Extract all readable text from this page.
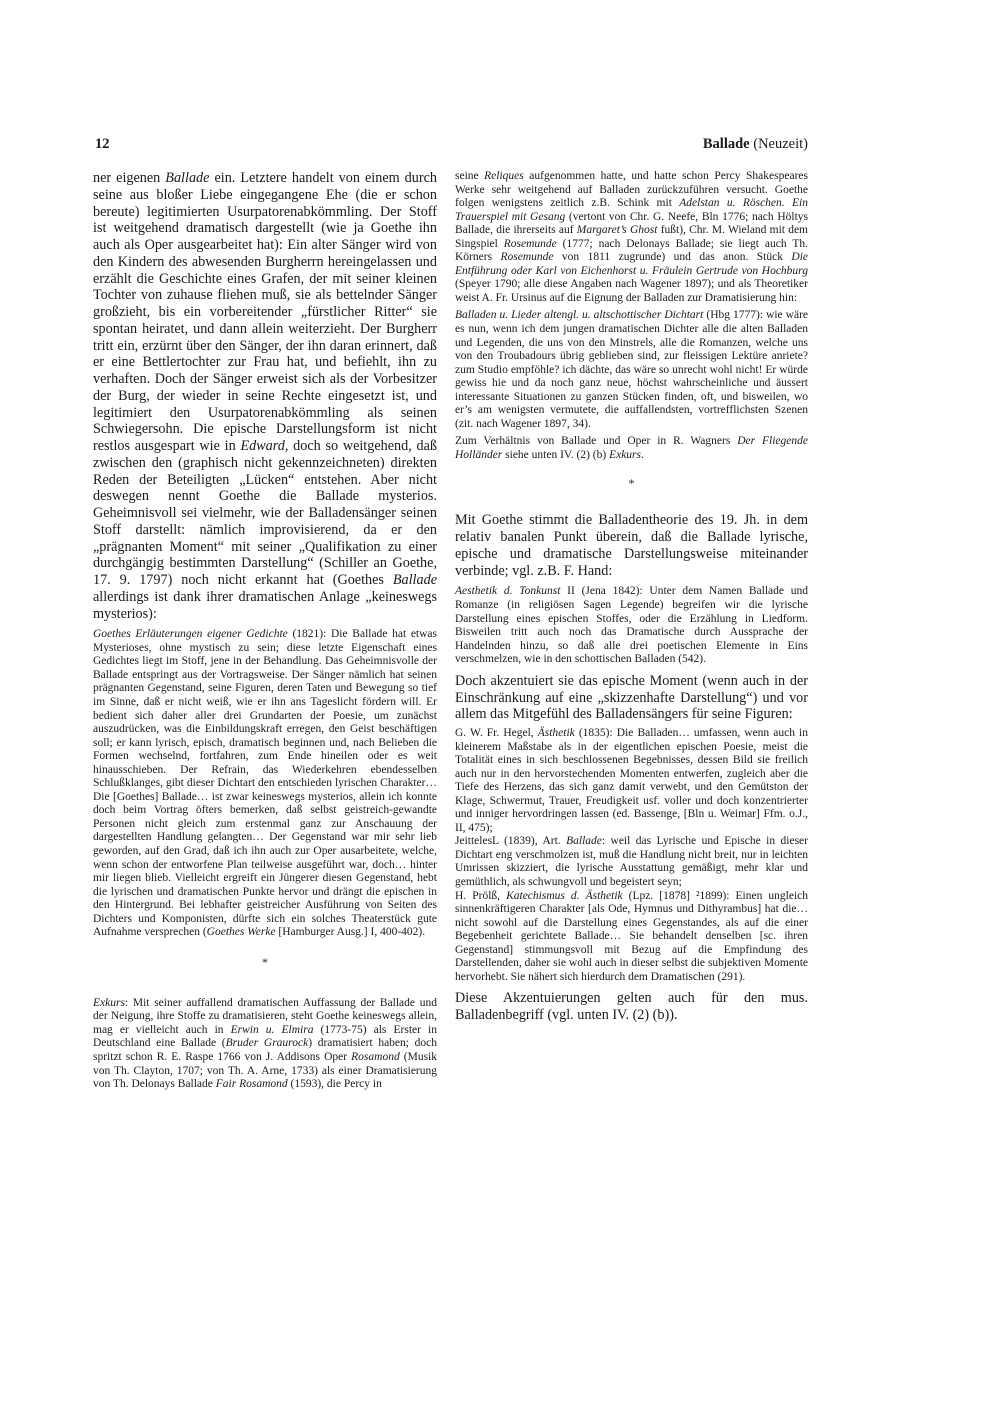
12	Ballade (Neuzeit)

ner eigenen Ballade ein. Letztere handelt von einem durch seine aus bloßer Liebe eingegangene Ehe (die er schon bereute) legitimierten Usurpatorenabkömmling. Der Stoff ist weitgehend dramatisch dargestellt (wie ja Goethe ihn auch als Oper ausgearbeitet hat): Ein alter Sänger wird von den Kindern des abwesenden Burgherrn hereingelassen und erzählt die Geschichte eines Grafen, der mit seiner kleinen Tochter von zuhause fliehen muß, sie als bettelnder Sänger großzieht, bis ein vorbereitender „fürstlicher Ritter“ sie spontan heiratet, und dann allein weiterzieht. Der Burgherr tritt ein, erzürnt über den Sänger, der ihn daran erinnert, daß er eine Bettlertochter zur Frau hat, und befiehlt, ihn zu verhaften. Doch der Sänger erweist sich als der Vorbesitzer der Burg, der wieder in seine Rechte eingesetzt ist, und legitimiert den Usurpatorenabkömmling als seinen Schwiegersohn. Die epische Darstellungsform ist nicht restlos ausgespart wie in Edward, doch so weitgehend, daß zwischen den (graphisch nicht gekennzeichneten) direkten Reden der Beteiligten „Lücken“ entstehen. Aber nicht deswegen nennt Goethe die Ballade mysterios. Geheimnisvoll sei vielmehr, wie der Balladensänger seinen Stoff darstellt: nämlich improvisierend, da er den „prägnanten Moment“ mit seiner „Qualifikation zu einer durchgängig bestimmten Darstellung“ (Schiller an Goethe, 17. 9. 1797) noch nicht erkannt hat (Goethes Ballade allerdings ist dank ihrer dramatischen Anlage „keineswegs mysterios):

Goethes Erläuterungen eigener Gedichte (1821): Die Ballade hat etwas Mysterioses, ohne mystisch zu sein; diese letzte Eigenschaft eines Gedichtes liegt im Stoff, jene in der Behandlung. Das Geheimnisvolle der Ballade entspringt aus der Vortragsweise. Der Sänger nämlich hat seinen prägnanten Gegenstand, seine Figuren, deren Taten und Bewegung so tief im Sinne, daß er nicht weiß, wie er ihn ans Tageslicht fördern will. Er bedient sich daher aller drei Grundarten der Poesie, um zunächst auszudrücken, was die Einbildungskraft erregen, den Geist beschäftigen soll; er kann lyrisch, episch, dramatisch beginnen und, nach Belieben die Formen wechselnd, fortfahren, zum Ende hineilen oder es weit hinausschieben. Der Refrain, das Wiederkehren ebendesselben Schlußklanges, gibt dieser Dichtart den entschieden lyrischen Charakter… Die [Goethes] Ballade… ist zwar keineswegs mysterios, allein ich konnte doch beim Vortrag öfters bemerken, daß selbst geistreich-gewandte Personen nicht gleich zum erstenmal ganz zur Anschauung der dargestellten Handlung gelangten… Der Gegenstand war mir sehr lieb geworden, auf den Grad, daß ich ihn auch zur Oper ausarbeitete, welche, wenn schon der entworfene Plan teilweise ausgeführt war, doch… hinter mir liegen blieb. Vielleicht ergreift ein Jüngerer diesen Gegenstand, hebt die lyrischen und dramatischen Punkte hervor und drängt die epischen in den Hintergrund. Bei lebhafter geistreicher Ausführung von Seiten des Dichters und Komponisten, dürfte sich ein solches Theaterstück gute Aufnahme versprechen (Goethes Werke [Hamburger Ausg.] I, 400-402).

*

Exkurs: Mit seiner auffallend dramatischen Auffassung der Ballade und der Neigung, ihre Stoffe zu dramatisieren, steht Goethe keineswegs allein, mag er vielleicht auch in Erwin u. Elmira (1773-75) als Erster in Deutschland eine Ballade (Bruder Graurock) dramatisiert haben; doch spritzt schon R. E. Raspe 1766 von J. Addisons Oper Rosamond (Musik von Th. Clayton, 1707; von Th. A. Arne, 1733) als einer Dramatisierung von Th. Delonays Ballade Fair Rosamond (1593), die Percy in

seine Reliques aufgenommen hatte, und hatte schon Percy Shakespeares Werke sehr weitgehend auf Balladen zurückzuführen versucht. Goethe folgen wenigstens zeitlich z.B. Schink mit Adelstan u. Röschen. Ein Trauerspiel mit Gesang (vertont von Chr. G. Neefe, Bln 1776; nach Höltys Ballade, die ihrerseits auf Margaret’s Ghost fußt), Chr. M. Wieland mit dem Singspiel Rosemunde (1777; nach Delonays Ballade; sie liegt auch Th. Körners Rosemunde von 1811 zugrunde) und das anon. Stück Die Entführung oder Karl von Eichenhorst u. Fräulein Gertrude von Hochburg (Speyer 1790; alle diese Angaben nach Wagener 1897); und als Theoretiker weist A. Fr. Ursinus auf die Eignung der Balladen zur Dramatisierung hin:

Balladen u. Lieder altengl. u. altschottischer Dichtart (Hbg 1777): wie wäre es nun, wenn ich dem jungen dramatischen Dichter alle die alten Balladen und Legenden, die uns von den Minstrels, alle die Romanzen, welche uns von den Troubadours übrig geblieben sind, zur fleissigen Lektüre anriete? zum Studio empföhle? ich dächte, das wäre so unrecht wohl nicht! Er würde gewiss hie und da noch ganz neue, höchst wahrscheinliche und äussert interessante Situationen zu ganzen Stücken finden, oft, und bisweilen, wo er’s am wenigsten vermutete, die auffallendsten, vortrefflichsten Szenen (zit. nach Wagener 1897, 34).

Zum Verhältnis von Ballade und Oper in R. Wagners Der Fliegende Holländer siehe unten IV. (2) (b) Exkurs.

*

Mit Goethe stimmt die Balladentheorie des 19. Jh. in dem relativ banalen Punkt überein, daß die Ballade lyrische, epische und dramatische Darstellungsweise miteinander verbinde; vgl. z.B. F. Hand:

Aesthetik d. Tonkunst II (Jena 1842): Unter dem Namen Ballade und Romanze (in religiösen Sagen Legende) begreifen wir die lyrische Darstellung eines epischen Stoffes, oder die Erzählung in Liedform. Bisweilen tritt auch noch das Dramatische durch Aussprache der Handelnden hinzu, so daß alle drei poetischen Elemente in Eins verschmelzen, wie in den schottischen Balladen (542).

Doch akzentuiert sie das epische Moment (wenn auch in der Einschränkung auf eine „skizzenhafte Darstellung“) und vor allem das Mitgefühl des Balladensängers für seine Figuren:

G. W. Fr. Hegel, Ästhetik (1835): Die Balladen… umfassen, wenn auch in kleinerem Maßstabe als in der eigentlichen epischen Poesie, meist die Totalität eines in sich beschlossenen Begebnisses, dessen Bild sie freilich auch nur in den hervorstechenden Momenten entwerfen, zugleich aber die Tiefe des Herzens, das sich ganz damit verwebt, und den Gemütston der Klage, Schwermut, Trauer, Freudigkeit usf. voller und doch konzentrierter und inniger hervordringen lassen (ed. Bassenge, [Bln u. Weimar] Ffm. o.J., II, 475);

JeittelesL (1839), Art. Ballade: weil das Lyrische und Epische in dieser Dichtart eng verschmolzen ist, muß die Handlung nicht breit, nur in leichten Umrissen skizziert, die lyrische Ausstattung gemäßigt, mehr klar und gemüthlich, als schwungvoll und begeistert seyn;

H. Prölß, Katechismus d. Ästhetik (Lpz. [1878] ²1899): Einen ungleich sinnenkräftigeren Charakter [als Ode, Hymnus und Dithyrambus] hat die… nicht sowohl auf die Darstellung eines Gegenstandes, als auf die einer Begebenheit gerichtete Ballade… Sie behandelt denselben [sc. ihren Gegenstand] stimmungsvoll mit Bezug auf die Empfindung des Darstellenden, daher sie wohl auch in dieser selbst die subjektiven Momente hervorhebt. Sie nähert sich hierdurch dem Dramatischen (291).

Diese Akzentuierungen gelten auch für den mus. Balladenbegriff (vgl. unten IV. (2) (b)).
